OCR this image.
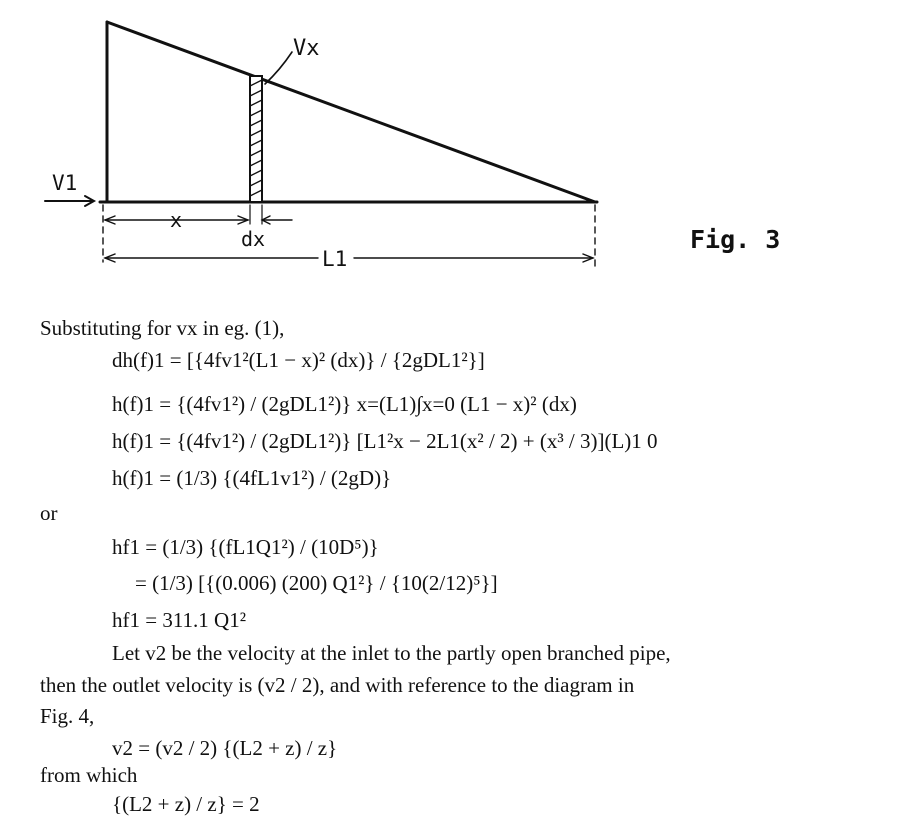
Vx
V1
x
dx
L1
Fig. 3
Substituting for vx in eg. (1),
dh(f)1 = [{4fv1²(L1 − x)² (dx)} / {2gDL1²}]
h(f)1 = {(4fv1²) / (2gDL1²)} x=(L1)∫x=0 (L1 − x)² (dx)
h(f)1 = {(4fv1²) / (2gDL1²)} [L1²x − 2L1(x² / 2) + (x³ / 3)](L)1 0
h(f)1 = (1/3) {(4fL1v1²) / (2gD)}
or
hf1 = (1/3) {(fL1Q1²) / (10D⁵)}
= (1/3) [{(0.006) (200) Q1²} / {10(2/12)⁵}]
hf1 = 311.1 Q1²
Let v2 be the velocity at the inlet to the partly open branched pipe,
then the outlet velocity is (v2 / 2), and with reference to the diagram in
Fig. 4,
v2 = (v2 / 2) {(L2 + z) / z}
from which
{(L2 + z) / z} = 2
